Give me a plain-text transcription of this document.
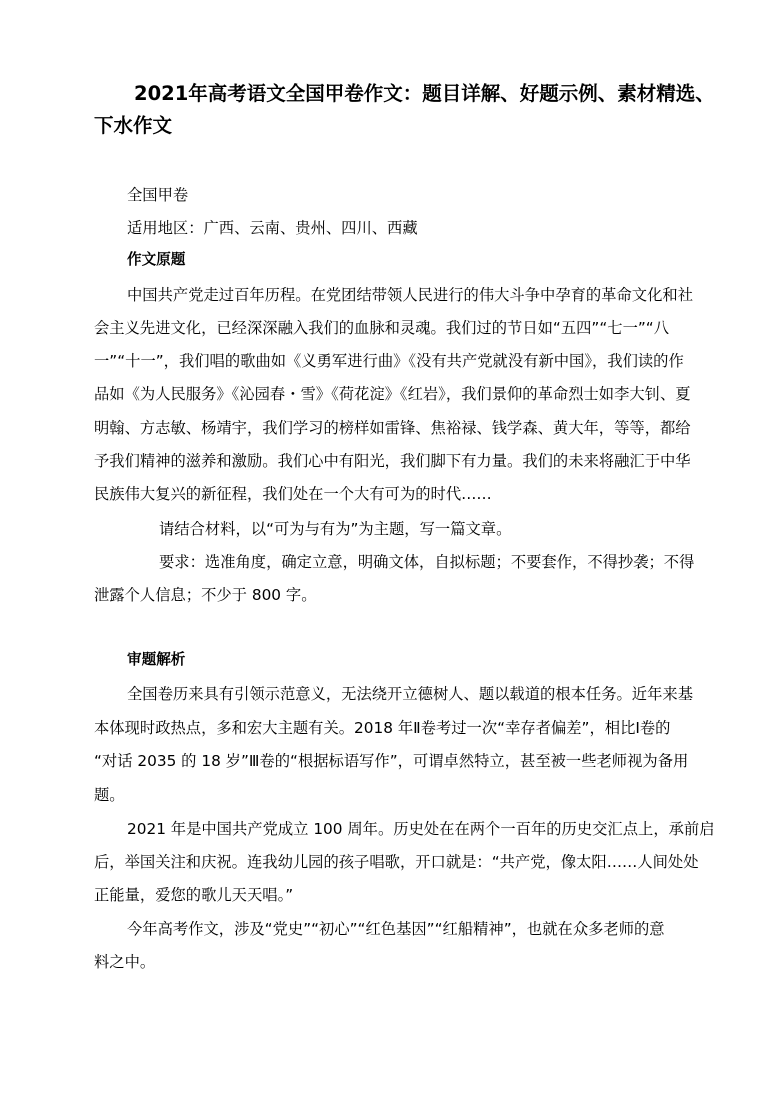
2021年高考语文全国甲卷作文：题目详解、好题示例、素材精选、
下水作文
全国甲卷
适用地区：广西、云南、贵州、四川、西藏
作文原题
中国共产党走过百年历程。在党团结带领人民进行的伟大斗争中孕育的革命文化和社
会主义先进文化，已经深深融入我们的血脉和灵魂。我们过的节日如“五四”“七一”“八
一”“十一”，我们唱的歌曲如《义勇军进行曲》《没有共产党就没有新中国》，我们读的作
品如《为人民服务》《沁园春・雪》《荷花淀》《红岩》，我们景仰的革命烈士如李大钊、夏
明翰、方志敏、杨靖宇，我们学习的榜样如雷锋、焦裕禄、钱学森、黄大年，等等，都给
予我们精神的滋养和激励。我们心中有阳光，我们脚下有力量。我们的未来将融汇于中华
民族伟大复兴的新征程，我们处在一个大有可为的时代……
请结合材料，以“可为与有为”为主题，写一篇文章。
要求：选准角度，确定立意，明确文体，自拟标题；不要套作，不得抄袭；不得
泄露个人信息；不少于 800 字。
审题解析
全国卷历来具有引领示范意义，无法绕开立德树人、题以载道的根本任务。近年来基
本体现时政热点，多和宏大主题有关。2018 年Ⅱ卷考过一次“幸存者偏差”，相比Ⅰ卷的
“对话 2035 的 18 岁”Ⅲ卷的“根据标语写作”，可谓卓然特立，甚至被一些老师视为备用
题。
2021 年是中国共产党成立 100 周年。历史处在在两个一百年的历史交汇点上，承前启
后，举国关注和庆祝。连我幼儿园的孩子唱歌，开口就是：“共产党，像太阳……人间处处
正能量，爱您的歌儿天天唱。”
今年高考作文，涉及“党史”“初心”“红色基因”“红船精神”，也就在众多老师的意
料之中。
